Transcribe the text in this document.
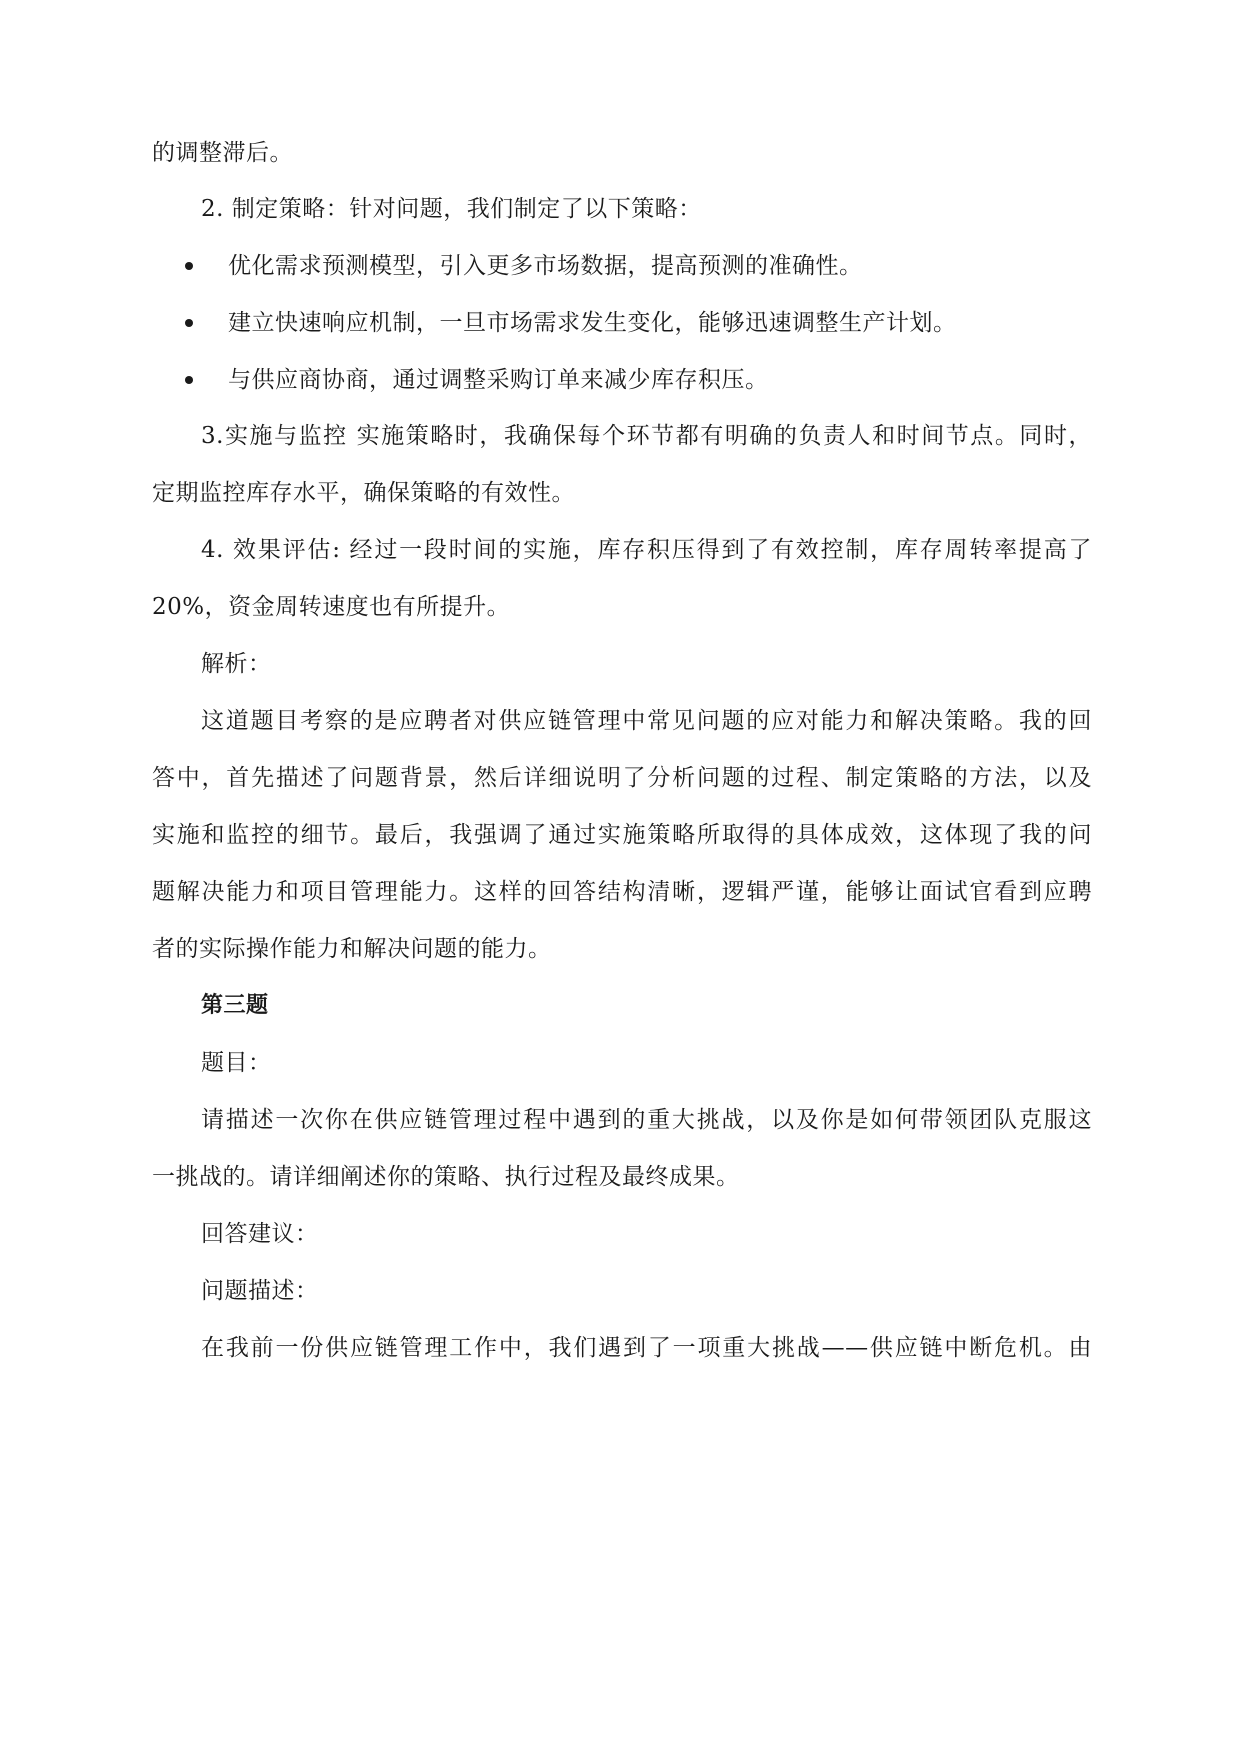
的调整滞后。
2. 制定策略：针对问题，我们制定了以下策略：
优化需求预测模型，引入更多市场数据，提高预测的准确性。
建立快速响应机制，一旦市场需求发生变化，能够迅速调整生产计划。
与供应商协商，通过调整采购订单来减少库存积压。
3.实施与监控 实施策略时，我确保每个环节都有明确的负责人和时间节点。同时，
定期监控库存水平，确保策略的有效性。
4. 效果评估: 经过一段时间的实施，库存积压得到了有效控制，库存周转率提高了
20%，资金周转速度也有所提升。
解析：
这道题目考察的是应聘者对供应链管理中常见问题的应对能力和解决策略。我的回
答中，首先描述了问题背景，然后详细说明了分析问题的过程、制定策略的方法，以及
实施和监控的细节。最后，我强调了通过实施策略所取得的具体成效，这体现了我的问
题解决能力和项目管理能力。这样的回答结构清晰，逻辑严谨，能够让面试官看到应聘
者的实际操作能力和解决问题的能力。
第三题
题目：
请描述一次你在供应链管理过程中遇到的重大挑战，以及你是如何带领团队克服这
一挑战的。请详细阐述你的策略、执行过程及最终成果。
回答建议：
问题描述：
在我前一份供应链管理工作中，我们遇到了一项重大挑战——供应链中断危机。由
